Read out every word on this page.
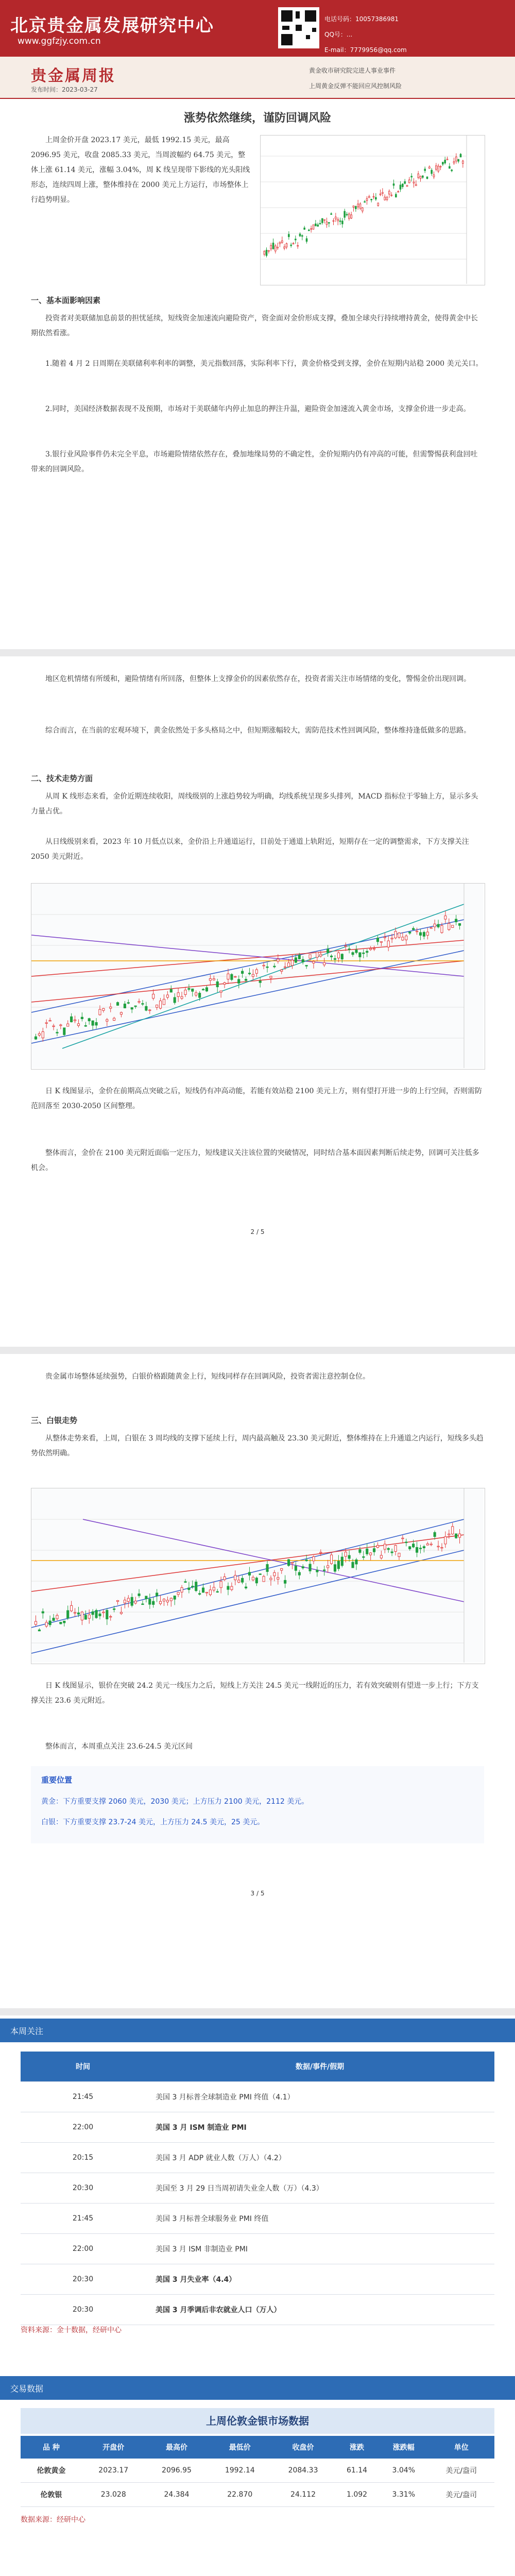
北京贵金属发展研究中心
www.ggfzjy.com.cn
电话号码：10057386981
QQ号：...
E-mail：7779956@qq.com
贵金属周报
发布时间：2023-03-27
黄金收市研究院完进人事业事件
上周黄金反弹不能回应风控制风险
涨势依然继续，谨防回调风险

上周金价开盘 2023.17 美元，最低 1992.15 美元，最高 2096.95 美元，收盘 2085.33 美元，当周波幅约 64.75 美元，整体上涨 61.14 美元，涨幅 3.04%，周 K 线呈现带下影线的光头阳线形态，连续四周上涨，整体维持在 2000 美元上方运行，市场整体上行趋势明显。

一、基本面影响因素

投资者对美联储加息前景的担忧延续，短线资金加速流向避险资产，资金面对金价形成支撑，叠加全球央行持续增持黄金，使得黄金中长期依然看涨。

1.随着 4 月 2 日周期在美联储利率利率的调整，美元指数回落，实际利率下行，黄金价格受到支撑，金价在短期内站稳 2000 美元关口。

2.同时，美国经济数据表现不及预期，市场对于美联储年内停止加息的押注升温，避险资金加速流入黄金市场，支撑金价进一步走高。

3.银行业风险事件仍未完全平息，市场避险情绪依然存在，叠加地缘局势的不确定性，金价短期内仍有冲高的可能，但需警惕获利盘回吐带来的回调风险。

地区危机情绪有所缓和，避险情绪有所回落，但整体上支撑金价的因素依然存在，投资者需关注市场情绪的变化，警惕金价出现回调。

综合而言，在当前的宏观环境下，黄金依然处于多头格局之中，但短期涨幅较大，需防范技术性回调风险，整体维持逢低做多的思路。

二、技术走势方面

从周 K 线形态来看，金价近期连续收阳，周线级别的上涨趋势较为明确，均线系统呈现多头排列，MACD 指标位于零轴上方，显示多头力量占优。

从日线级别来看，2023 年 10 月低点以来，金价沿上升通道运行，目前处于通道上轨附近，短期存在一定的调整需求，下方支撑关注 2050 美元附近。

日 K 线图显示，金价在前期高点突破之后，短线仍有冲高动能，若能有效站稳 2100 美元上方，则有望打开进一步的上行空间，否则需防范回落至 2030-2050 区间整理。

整体而言，金价在 2100 美元附近面临一定压力，短线建议关注该位置的突破情况，同时结合基本面因素判断后续走势，回调可关注低多机会。

2 / 5

贵金属市场整体延续强势，白银价格跟随黄金上行，短线同样存在回调风险，投资者需注意控制仓位。

三、白银走势

从整体走势来看，上周，白银在 3 周均线的支撑下延续上行，周内最高触及 23.30 美元附近，整体维持在上升通道之内运行，短线多头趋势依然明确。

日 K 线图显示，银价在突破 24.2 美元一线压力之后，短线上方关注 24.5 美元一线附近的压力，若有效突破则有望进一步上行；下方支撑关注 23.6 美元附近。

整体而言，本周重点关注 23.6-24.5 美元区间

重要位置
黄金：下方重要支撑 2060 美元，2030 美元；上方压力 2100 美元，2112 美元。
白银：下方重要支撑 23.7-24 美元，上方压力 24.5 美元，25 美元。
3 / 5
本周关注
时间	数据/事件/假期
21:45	美国 3 月标普全球制造业 PMI 终值（4.1）
22:00	美国 3 月 ISM 制造业 PMI
20:15	美国 3 月 ADP 就业人数（万人）（4.2）
20:30	美国至 3 月 29 日当周初请失业金人数（万）（4.3）
21:45	美国 3 月标普全球服务业 PMI 终值
22:00	美国 3 月 ISM 非制造业 PMI
20:30	美国 3 月失业率（4.4）
20:30	美国 3 月季调后非农就业人口（万人）
资料来源：金十数据，经研中心
交易数据
上周伦敦金银市场数据
品 种	开盘价	最高价	最低价	收盘价	涨跌	涨跌幅	单位
伦敦黄金	2023.17	2096.95	1992.14	2084.33	61.14	3.04%	美元/盎司
伦敦银	23.028	24.384	22.870	24.112	1.092	3.31%	美元/盎司
数据来源：经研中心
